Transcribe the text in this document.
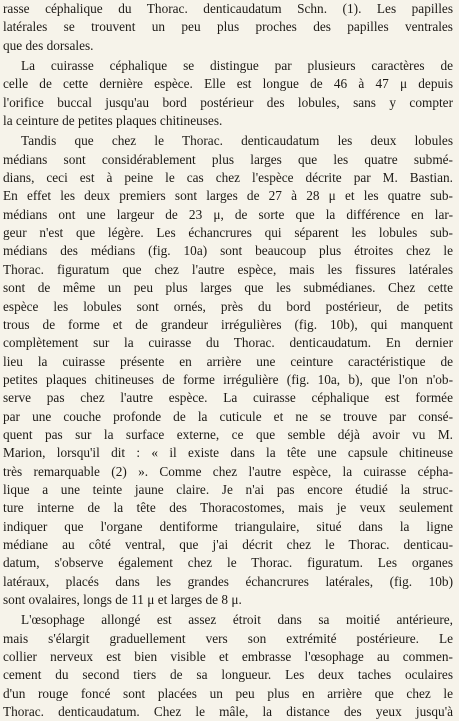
rasse céphalique du Thorac. denticaudatum Schn. (1). Les papilles
latérales se trouvent un peu plus proches des papilles ventrales
que des dorsales.

La cuirasse céphalique se distingue par plusieurs caractères de
celle de cette dernière espèce. Elle est longue de 46 à 47 μ depuis
l'orifice buccal jusqu'au bord postérieur des lobules, sans y compter
la ceinture de petites plaques chitineuses.

Tandis que chez le Thorac. denticaudatum les deux lobules
médians sont considérablement plus larges que les quatre submé-
dians, ceci est à peine le cas chez l'espèce décrite par M. Bastian.
En effet les deux premiers sont larges de 27 à 28 μ et les quatre sub-
médians ont une largeur de 23 μ, de sorte que la différence en lar-
geur n'est que légère. Les échancrures qui séparent les lobules sub-
médians des médians (fig. 10a) sont beaucoup plus étroites chez le
Thorac. figuratum que chez l'autre espèce, mais les fissures latérales
sont de même un peu plus larges que les submédianes. Chez cette
espèce les lobules sont ornés, près du bord postérieur, de petits
trous de forme et de grandeur irrégulières (fig. 10b), qui manquent
complètement sur la cuirasse du Thorac. denticaudatum. En dernier
lieu la cuirasse présente en arrière une ceinture caractéristique de
petites plaques chitineuses de forme irrégulière (fig. 10a, b), que l'on n'ob-
serve pas chez l'autre espèce. La cuirasse céphalique est formée
par une couche profonde de la cuticule et ne se trouve par consé-
quent pas sur la surface externe, ce que semble déjà avoir vu M.
Marion, lorsqu'il dit : « il existe dans la tête une capsule chitineuse
très remarquable (2) ». Comme chez l'autre espèce, la cuirasse cépha-
lique a une teinte jaune claire. Je n'ai pas encore étudié la struc-
ture interne de la tête des Thoracostomes, mais je veux seulement
indiquer que l'organe dentiforme triangulaire, situé dans la ligne
médiane au côté ventral, que j'ai décrit chez le Thorac. denticau-
datum, s'observe également chez le Thorac. figuratum. Les organes
latéraux, placés dans les grandes échancrures latérales, (fig. 10b)
sont ovalaires, longs de 11 μ et larges de 8 μ.

L'œsophage allongé est assez étroit dans sa moitié antérieure,
mais s'élargit graduellement vers son extrémité postérieure. Le
collier nerveux est bien visible et embrasse l'œsophage au commen-
cement du second tiers de sa longueur. Les deux taches oculaires
d'un rouge foncé sont placées un peu plus en arrière que chez le
Thorac. denticaudatum. Chez le mâle, la distance des yeux jusqu'à
